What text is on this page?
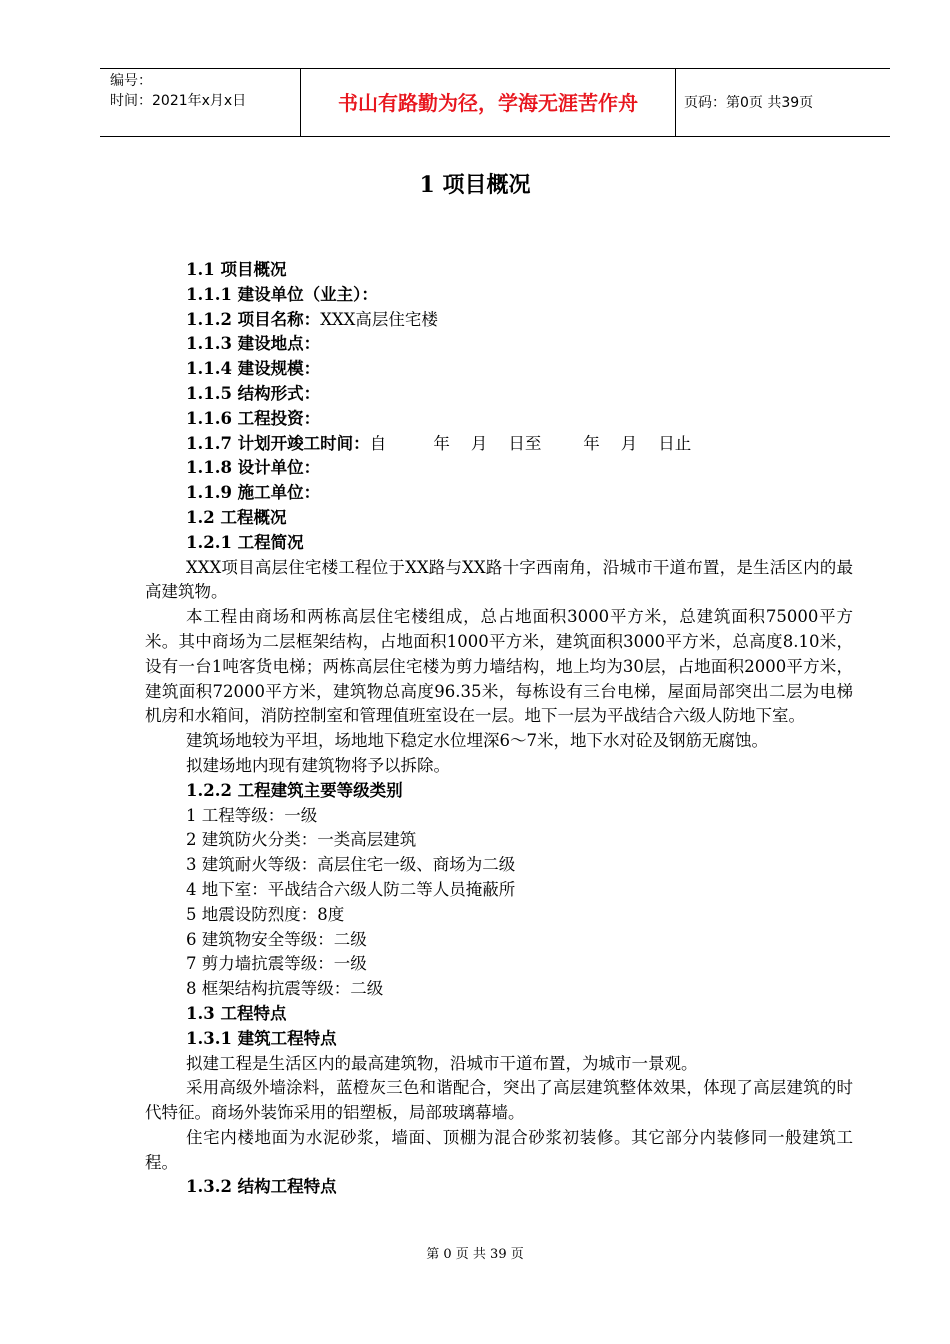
编号：
时间：2021年x月x日	书山有路勤为径，学海无涯苦作舟	页码：第0页 共39页
1 项目概况
1.1 项目概况
1.1.1 建设单位（业主）：
1.1.2 项目名称：XXX高层住宅楼
1.1.3 建设地点：
1.1.4 建设规模：
1.1.5 结构形式：
1.1.6 工程投资：
1.1.7 计划开竣工时间：自         年    月    日至        年    月    日止
1.1.8 设计单位：
1.1.9 施工单位：
1.2 工程概况
1.2.1 工程简况
XXX项目高层住宅楼工程位于XX路与XX路十字西南角，沿城市干道布置，是生活区内的最高建筑物。
本工程由商场和两栋高层住宅楼组成，总占地面积3000平方米，总建筑面积75000平方米。其中商场为二层框架结构，占地面积1000平方米，建筑面积3000平方米，总高度8.10米，设有一台1吨客货电梯；两栋高层住宅楼为剪力墙结构，地上均为30层，占地面积2000平方米，建筑面积72000平方米，建筑物总高度96.35米，每栋设有三台电梯，屋面局部突出二层为电梯机房和水箱间，消防控制室和管理值班室设在一层。地下一层为平战结合六级人防地下室。
建筑场地较为平坦，场地地下稳定水位埋深6～7米，地下水对砼及钢筋无腐蚀。
拟建场地内现有建筑物将予以拆除。
1.2.2 工程建筑主要等级类别
1 工程等级：一级
2 建筑防火分类：一类高层建筑
3 建筑耐火等级：高层住宅一级、商场为二级
4 地下室：平战结合六级人防二等人员掩蔽所
5 地震设防烈度：8度
6 建筑物安全等级：二级
7 剪力墙抗震等级：一级
8 框架结构抗震等级：二级
1.3 工程特点
1.3.1 建筑工程特点
拟建工程是生活区内的最高建筑物，沿城市干道布置，为城市一景观。
采用高级外墙涂料，蓝橙灰三色和谐配合，突出了高层建筑整体效果，体现了高层建筑的时代特征。商场外装饰采用的铝塑板，局部玻璃幕墙。
住宅内楼地面为水泥砂浆，墙面、顶棚为混合砂浆初装修。其它部分内装修同一般建筑工程。
1.3.2 结构工程特点
第 0 页 共 39 页
